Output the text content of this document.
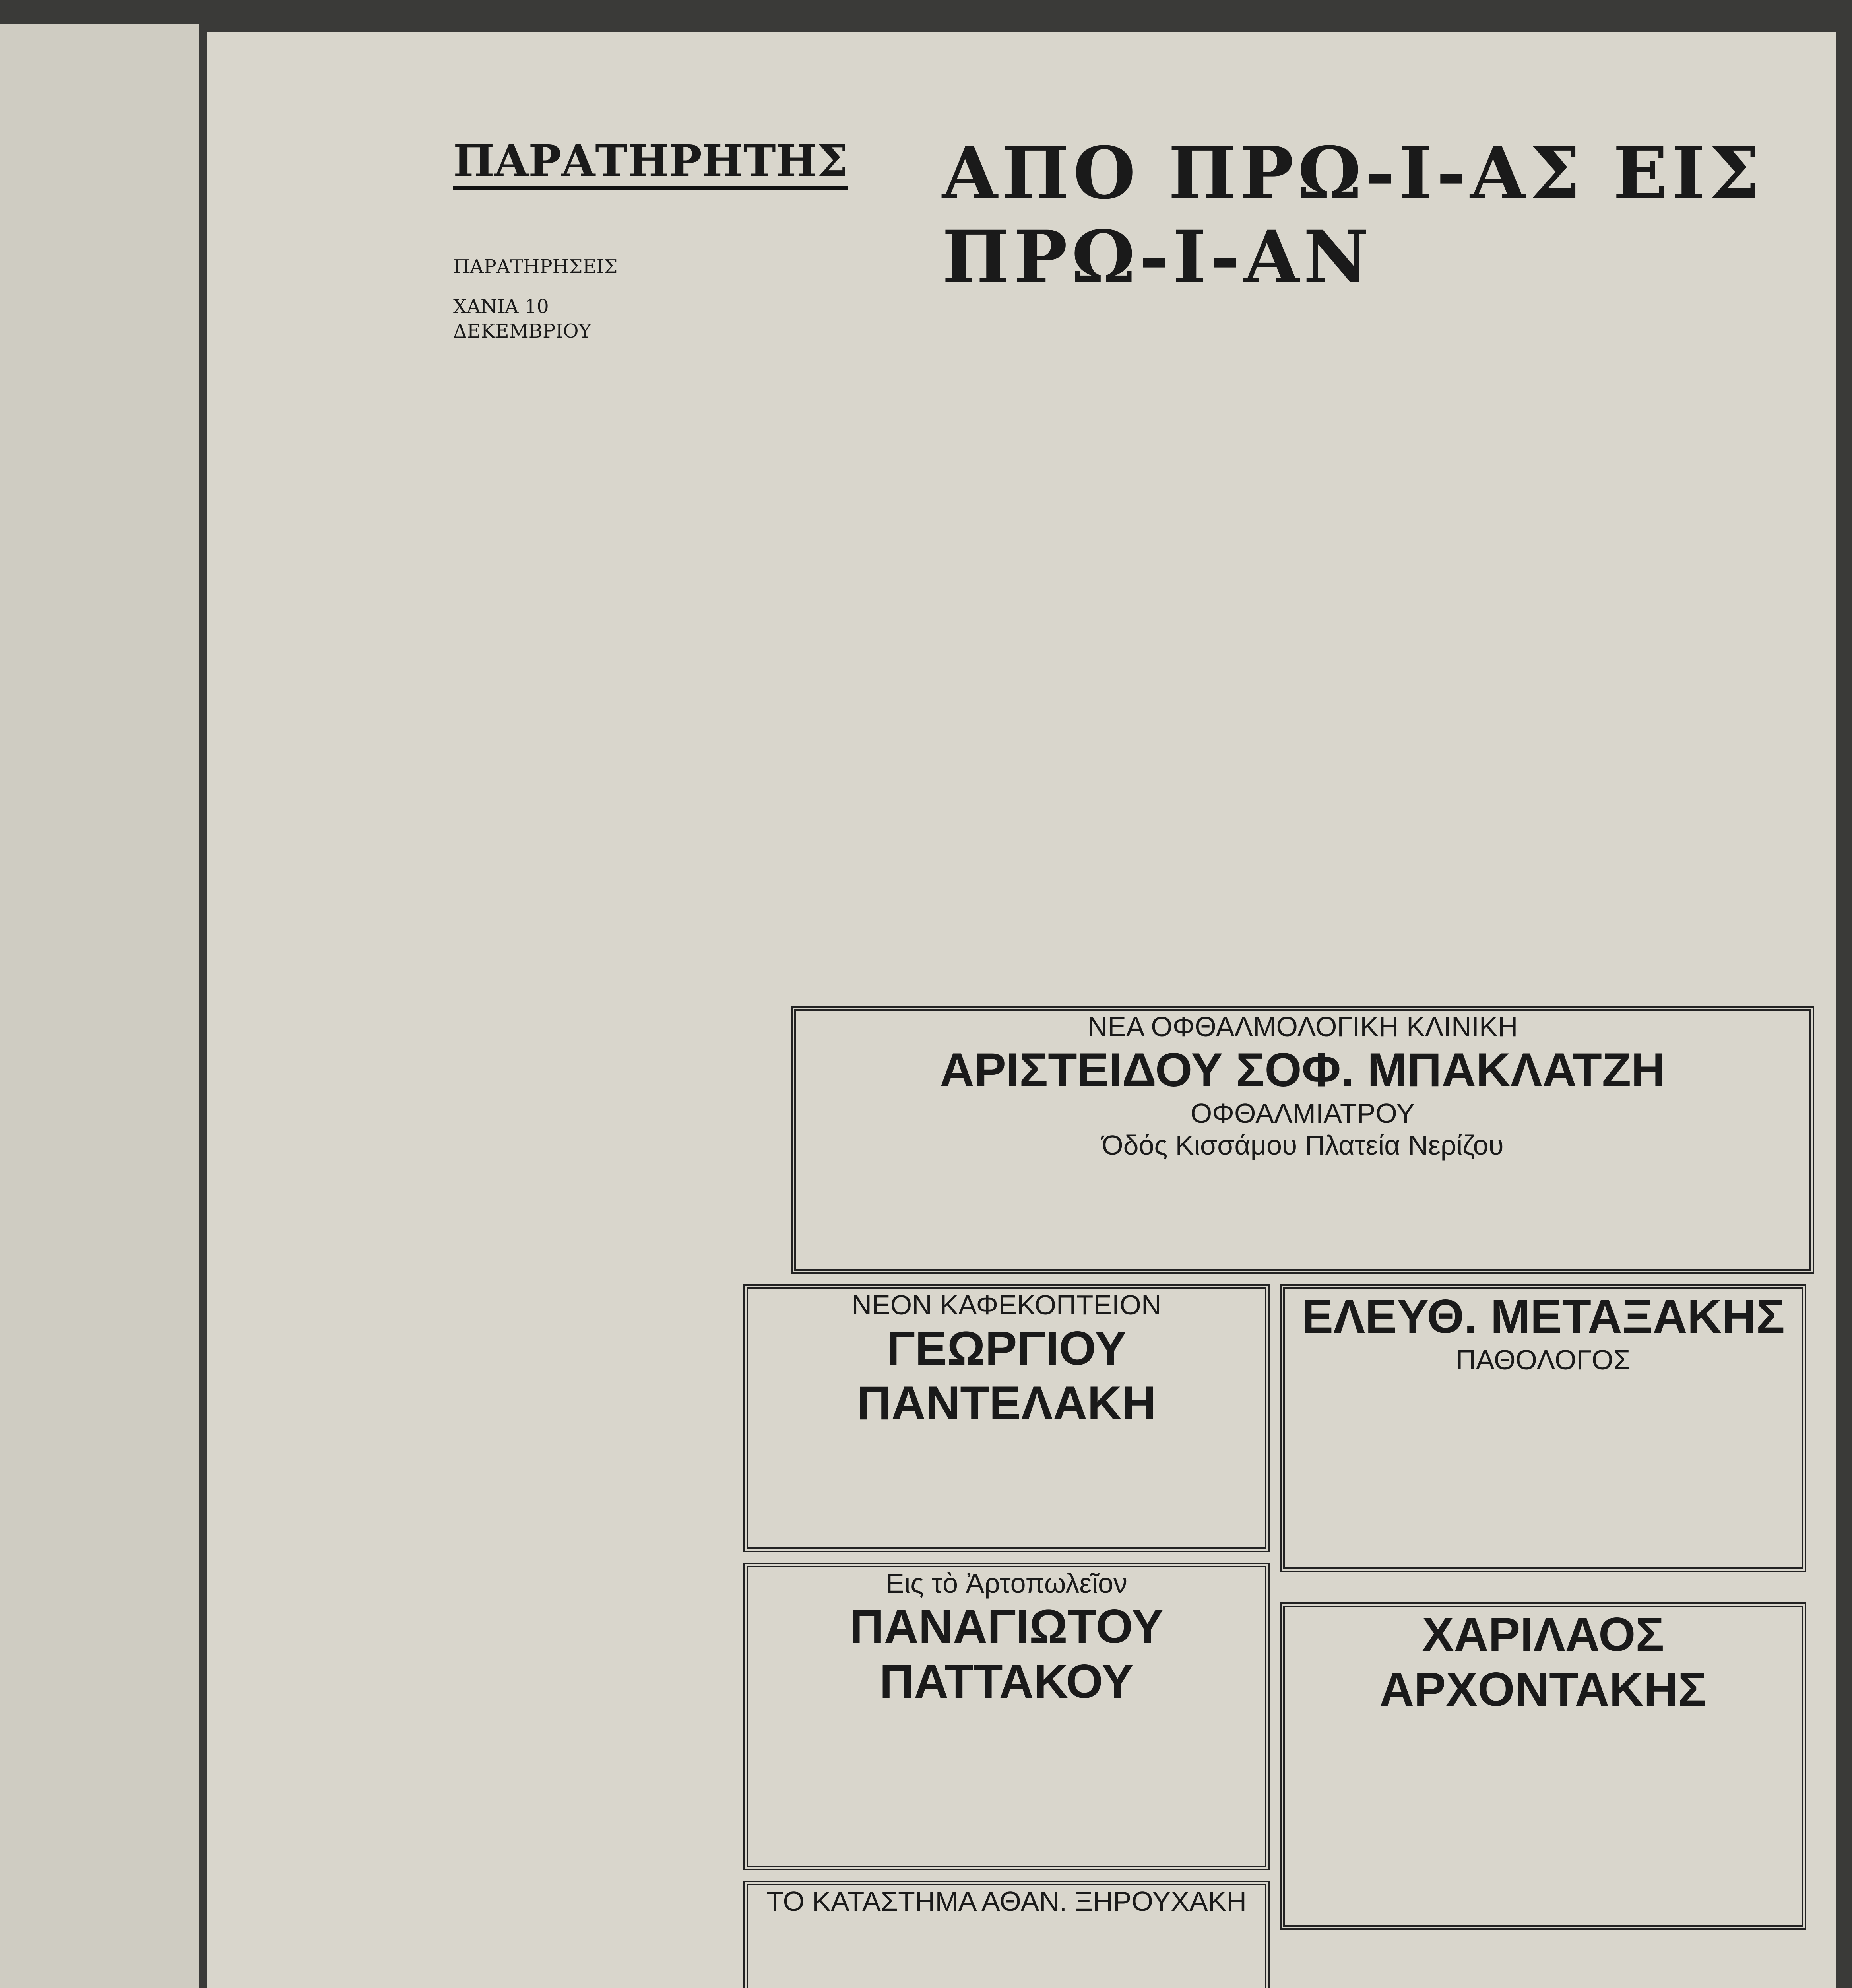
ΠΑΡΑΤΗΡΗΤΗΣ ΑΠΟ ΠΡΩ-Ι-ΑΣ ΕΙΣ ΠΡΩ-Ι-ΑΝ
ΠΑΡΑΤΗΡΗΣΕΙΣ
ΧΑΝΙΑ 10 ΔΕΚΕΜΒΡΙΟΥ
ΝΕΑ ΟΦΘΑΛΜΟΛΟΓΙΚΗ ΚΛΙΝΙΚΗ
ΑΡΙΣΤΕΙΔΟΥ ΣΟΦ. ΜΠΑΚΛΑΤΖΗ
ΟΦΘΑΛΜΙΑΤΡΟΥ
Όδός Κισσάμου Πλατεία Νερίζου
ΝΕΟΝ ΚΑΦΕΚΟΠΤΕΙΟΝ
ΓΕΩΡΓΙΟΥ ΠΑΝΤΕΛΑΚΗ
ΕΛΕΥΘ. ΜΕΤΑΞΑΚΗΣ
ΠΑΘΟΛΟΓΟΣ
Εις τὸ Ἀρτοπωλεῖον
ΠΑΝΑΓΙΩΤΟΥ ΠΑΤΤΑΚΟΥ
ΧΑΡΙΛΑΟΣ ΑΡΧΟΝΤΑΚΗΣ
ΤΟ ΚΑΤΑΣΤΗΜΑ ΑΘΑΝ. ΞΗΡΟΥΧΑΚΗ
